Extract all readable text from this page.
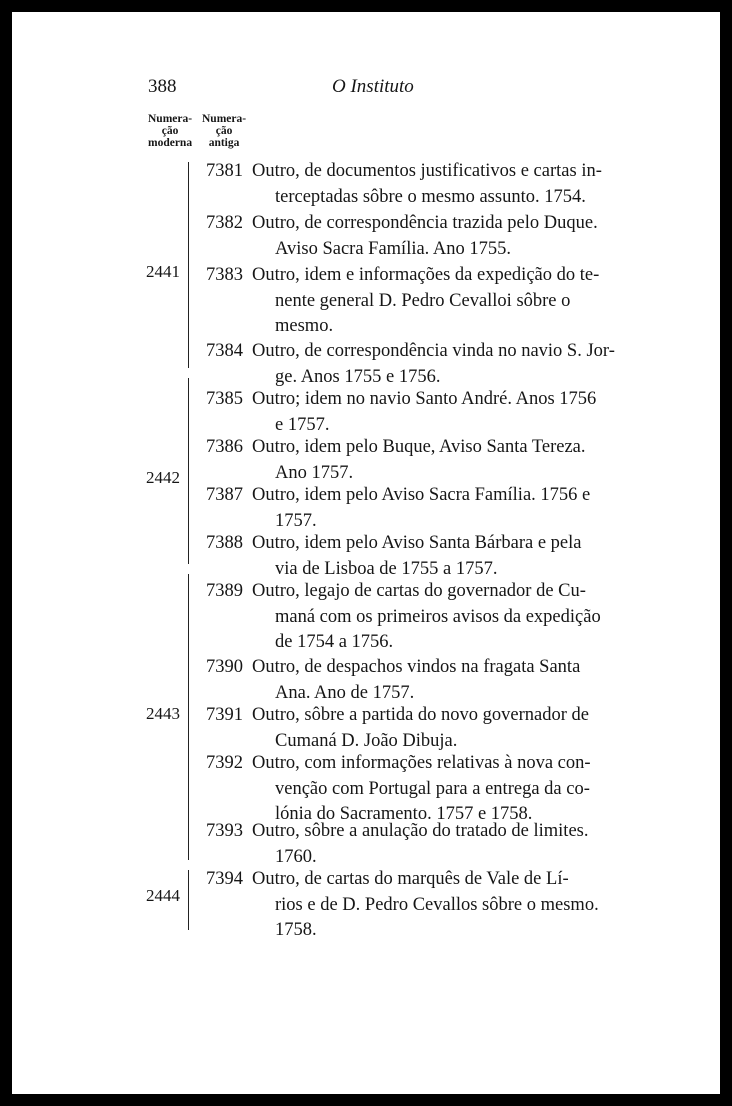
388	O Instituto
Numera-
ção
moderna
Numera-
ção
antiga
2441
2442
2443
2444
7381 Outro, de documentos justificativos e cartas in-
terceptadas sôbre o mesmo assunto. 1754.
7382 Outro, de correspondência trazida pelo Duque.
Aviso Sacra Família. Ano 1755.
7383 Outro, idem e informações da expedição do te-
nente general D. Pedro Cevalloi sôbre o
mesmo.
7384 Outro, de correspondência vinda no navio S. Jor-
ge. Anos 1755 e 1756.
7385 Outro; idem no navio Santo André. Anos 1756
e 1757.
7386 Outro, idem pelo Buque, Aviso Santa Tereza.
Ano 1757.
7387 Outro, idem pelo Aviso Sacra Família. 1756 e
1757.
7388 Outro, idem pelo Aviso Santa Bárbara e pela
via de Lisboa de 1755 a 1757.
7389 Outro, legajo de cartas do governador de Cu-
maná com os primeiros avisos da expedição
de 1754 a 1756.
7390 Outro, de despachos vindos na fragata Santa
Ana. Ano de 1757.
7391 Outro, sôbre a partida do novo governador de
Cumaná D. João Dibuja.
7392 Outro, com informações relativas à nova con-
venção com Portugal para a entrega da co-
lónia do Sacramento. 1757 e 1758.
7393 Outro, sôbre a anulação do tratado de limites.
1760.
7394 Outro, de cartas do marquês de Vale de Lí-
rios e de D. Pedro Cevallos sôbre o mesmo.
1758.
